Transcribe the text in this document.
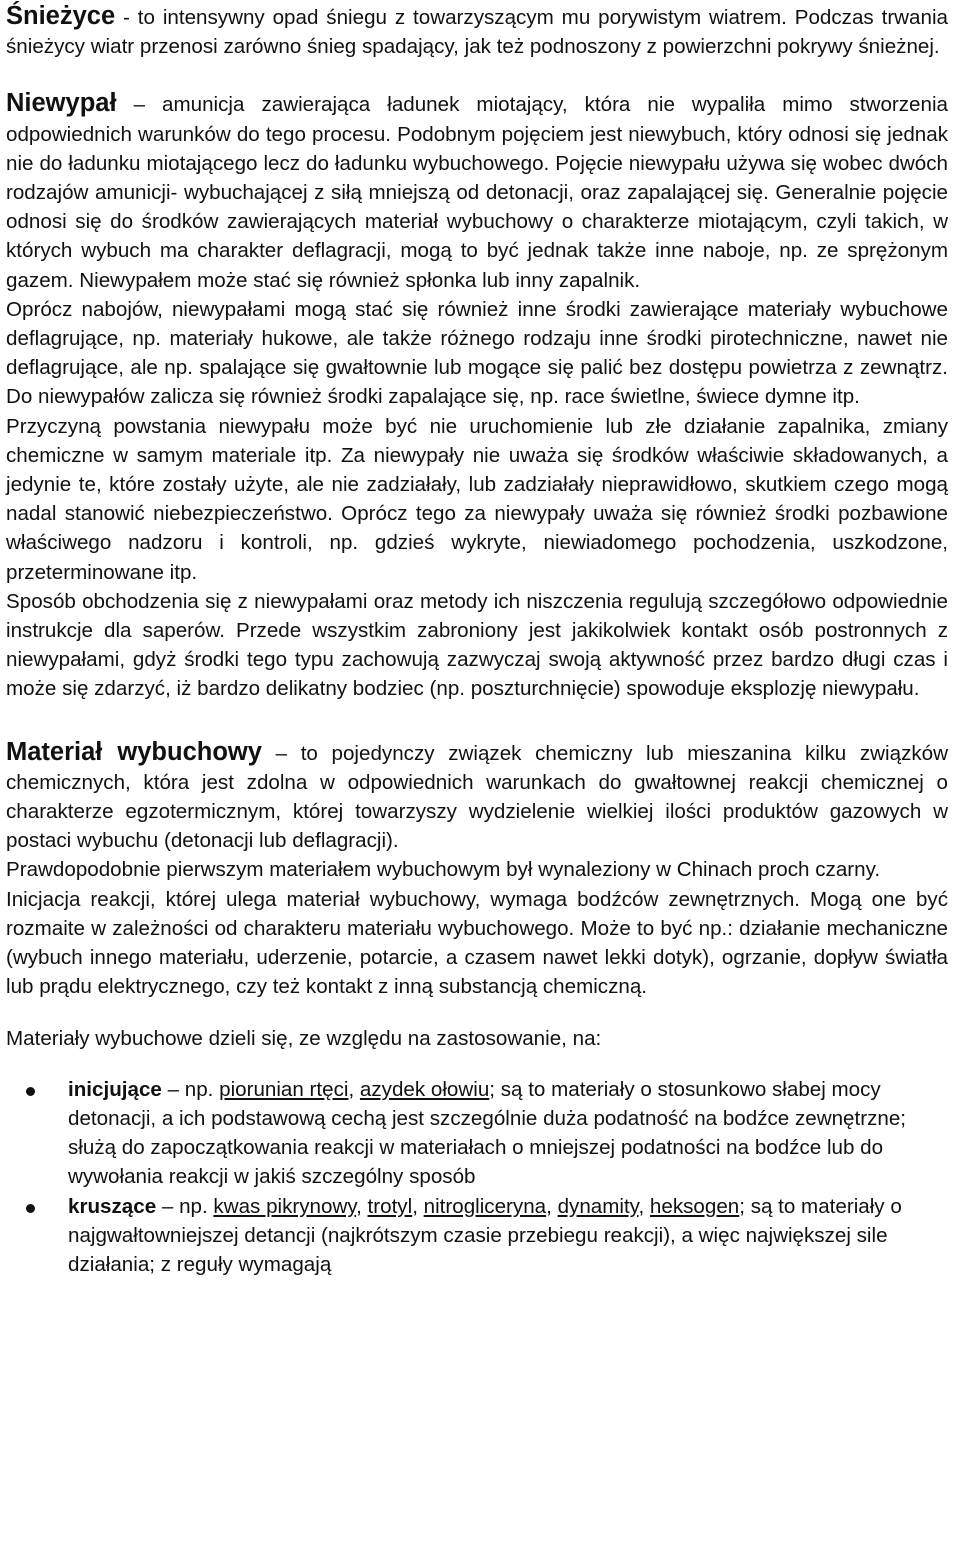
Śnieżyce - to intensywny opad śniegu z towarzyszącym mu porywistym wiatrem. Podczas trwania śnieżycy wiatr przenosi zarówno śnieg spadający, jak też podnoszony z powierzchni pokrywy śnieżnej.

Niewypał – amunicja zawierająca ładunek miotający, która nie wypaliła mimo stworzenia odpowiednich warunków do tego procesu. Podobnym pojęciem jest niewybuch, który odnosi się jednak nie do ładunku miotającego lecz do ładunku wybuchowego. Pojęcie niewypału używa się wobec dwóch rodzajów amunicji- wybuchającej z siłą mniejszą od detonacji, oraz zapalającej się. Generalnie pojęcie odnosi się do środków zawierających materiał wybuchowy o charakterze miotającym, czyli takich, w których wybuch ma charakter deflagracji, mogą to być jednak także inne naboje, np. ze sprężonym gazem. Niewypałem może stać się również spłonka lub inny zapalnik.

Oprócz nabojów, niewypałami mogą stać się również inne środki zawierające materiały wybuchowe deflagrujące, np. materiały hukowe, ale także różnego rodzaju inne środki pirotechniczne, nawet nie deflagrujące, ale np. spalające się gwałtownie lub mogące się palić bez dostępu powietrza z zewnątrz. Do niewypałów zalicza się również środki zapalające się, np. race świetlne, świece dymne itp.

Przyczyną powstania niewypału może być nie uruchomienie lub złe działanie zapalnika, zmiany chemiczne w samym materiale itp. Za niewypały nie uważa się środków właściwie składowanych, a jedynie te, które zostały użyte, ale nie zadziałały, lub zadziałały nieprawidłowo, skutkiem czego mogą nadal stanowić niebezpieczeństwo. Oprócz tego za niewypały uważa się również środki pozbawione właściwego nadzoru i kontroli, np. gdzieś wykryte, niewiadomego pochodzenia, uszkodzone, przeterminowane itp.

Sposób obchodzenia się z niewypałami oraz metody ich niszczenia regulują szczegółowo odpowiednie instrukcje dla saperów. Przede wszystkim zabroniony jest jakikolwiek kontakt osób postronnych z niewypałami, gdyż środki tego typu zachowują zazwyczaj swoją aktywność przez bardzo długi czas i może się zdarzyć, iż bardzo delikatny bodziec (np. poszturchnięcie) spowoduje eksplozję niewypału.

Materiał wybuchowy – to pojedynczy związek chemiczny lub mieszanina kilku związków chemicznych, która jest zdolna w odpowiednich warunkach do gwałtownej reakcji chemicznej o charakterze egzotermicznym, której towarzyszy wydzielenie wielkiej ilości produktów gazowych w postaci wybuchu (detonacji lub deflagracji).

Prawdopodobnie pierwszym materiałem wybuchowym był wynalezionу w Chinach proch czarny.

Inicjacja reakcji, której ulega materiał wybuchowy, wymaga bodźców zewnętrznych. Mogą one być rozmaite w zależności od charakteru materiału wybuchowego. Może to być np.: działanie mechaniczne (wybuch innego materiału, uderzenie, potarcie, a czasem nawet lekki dotyk), ogrzanie, dopływ światła lub prądu elektrycznego, czy też kontakt z inną substancją chemiczną.

Materiały wybuchowe dzieli się, ze względu na zastosowanie, na:

inicjujące – np. piorunian rtęci, azydek ołowiu; są to materiały o stosunkowo słabej mocy detonacji, a ich podstawową cechą jest szczególnie duża podatność na bodźce zewnętrzne; służą do zapoczątkowania reakcji w materiałach o mniejszej podatności na bodźce lub do wywołania reakcji w jakiś szczególny sposób
kruszące – np. kwas pikrynowy, trotyl, nitrogliceryna, dynamity, heksogen; są to materiały o najgwałtowniejszej detancji (najkrótszym czasie przebiegu reakcji), a więc największej sile działania; z reguły wymagają
